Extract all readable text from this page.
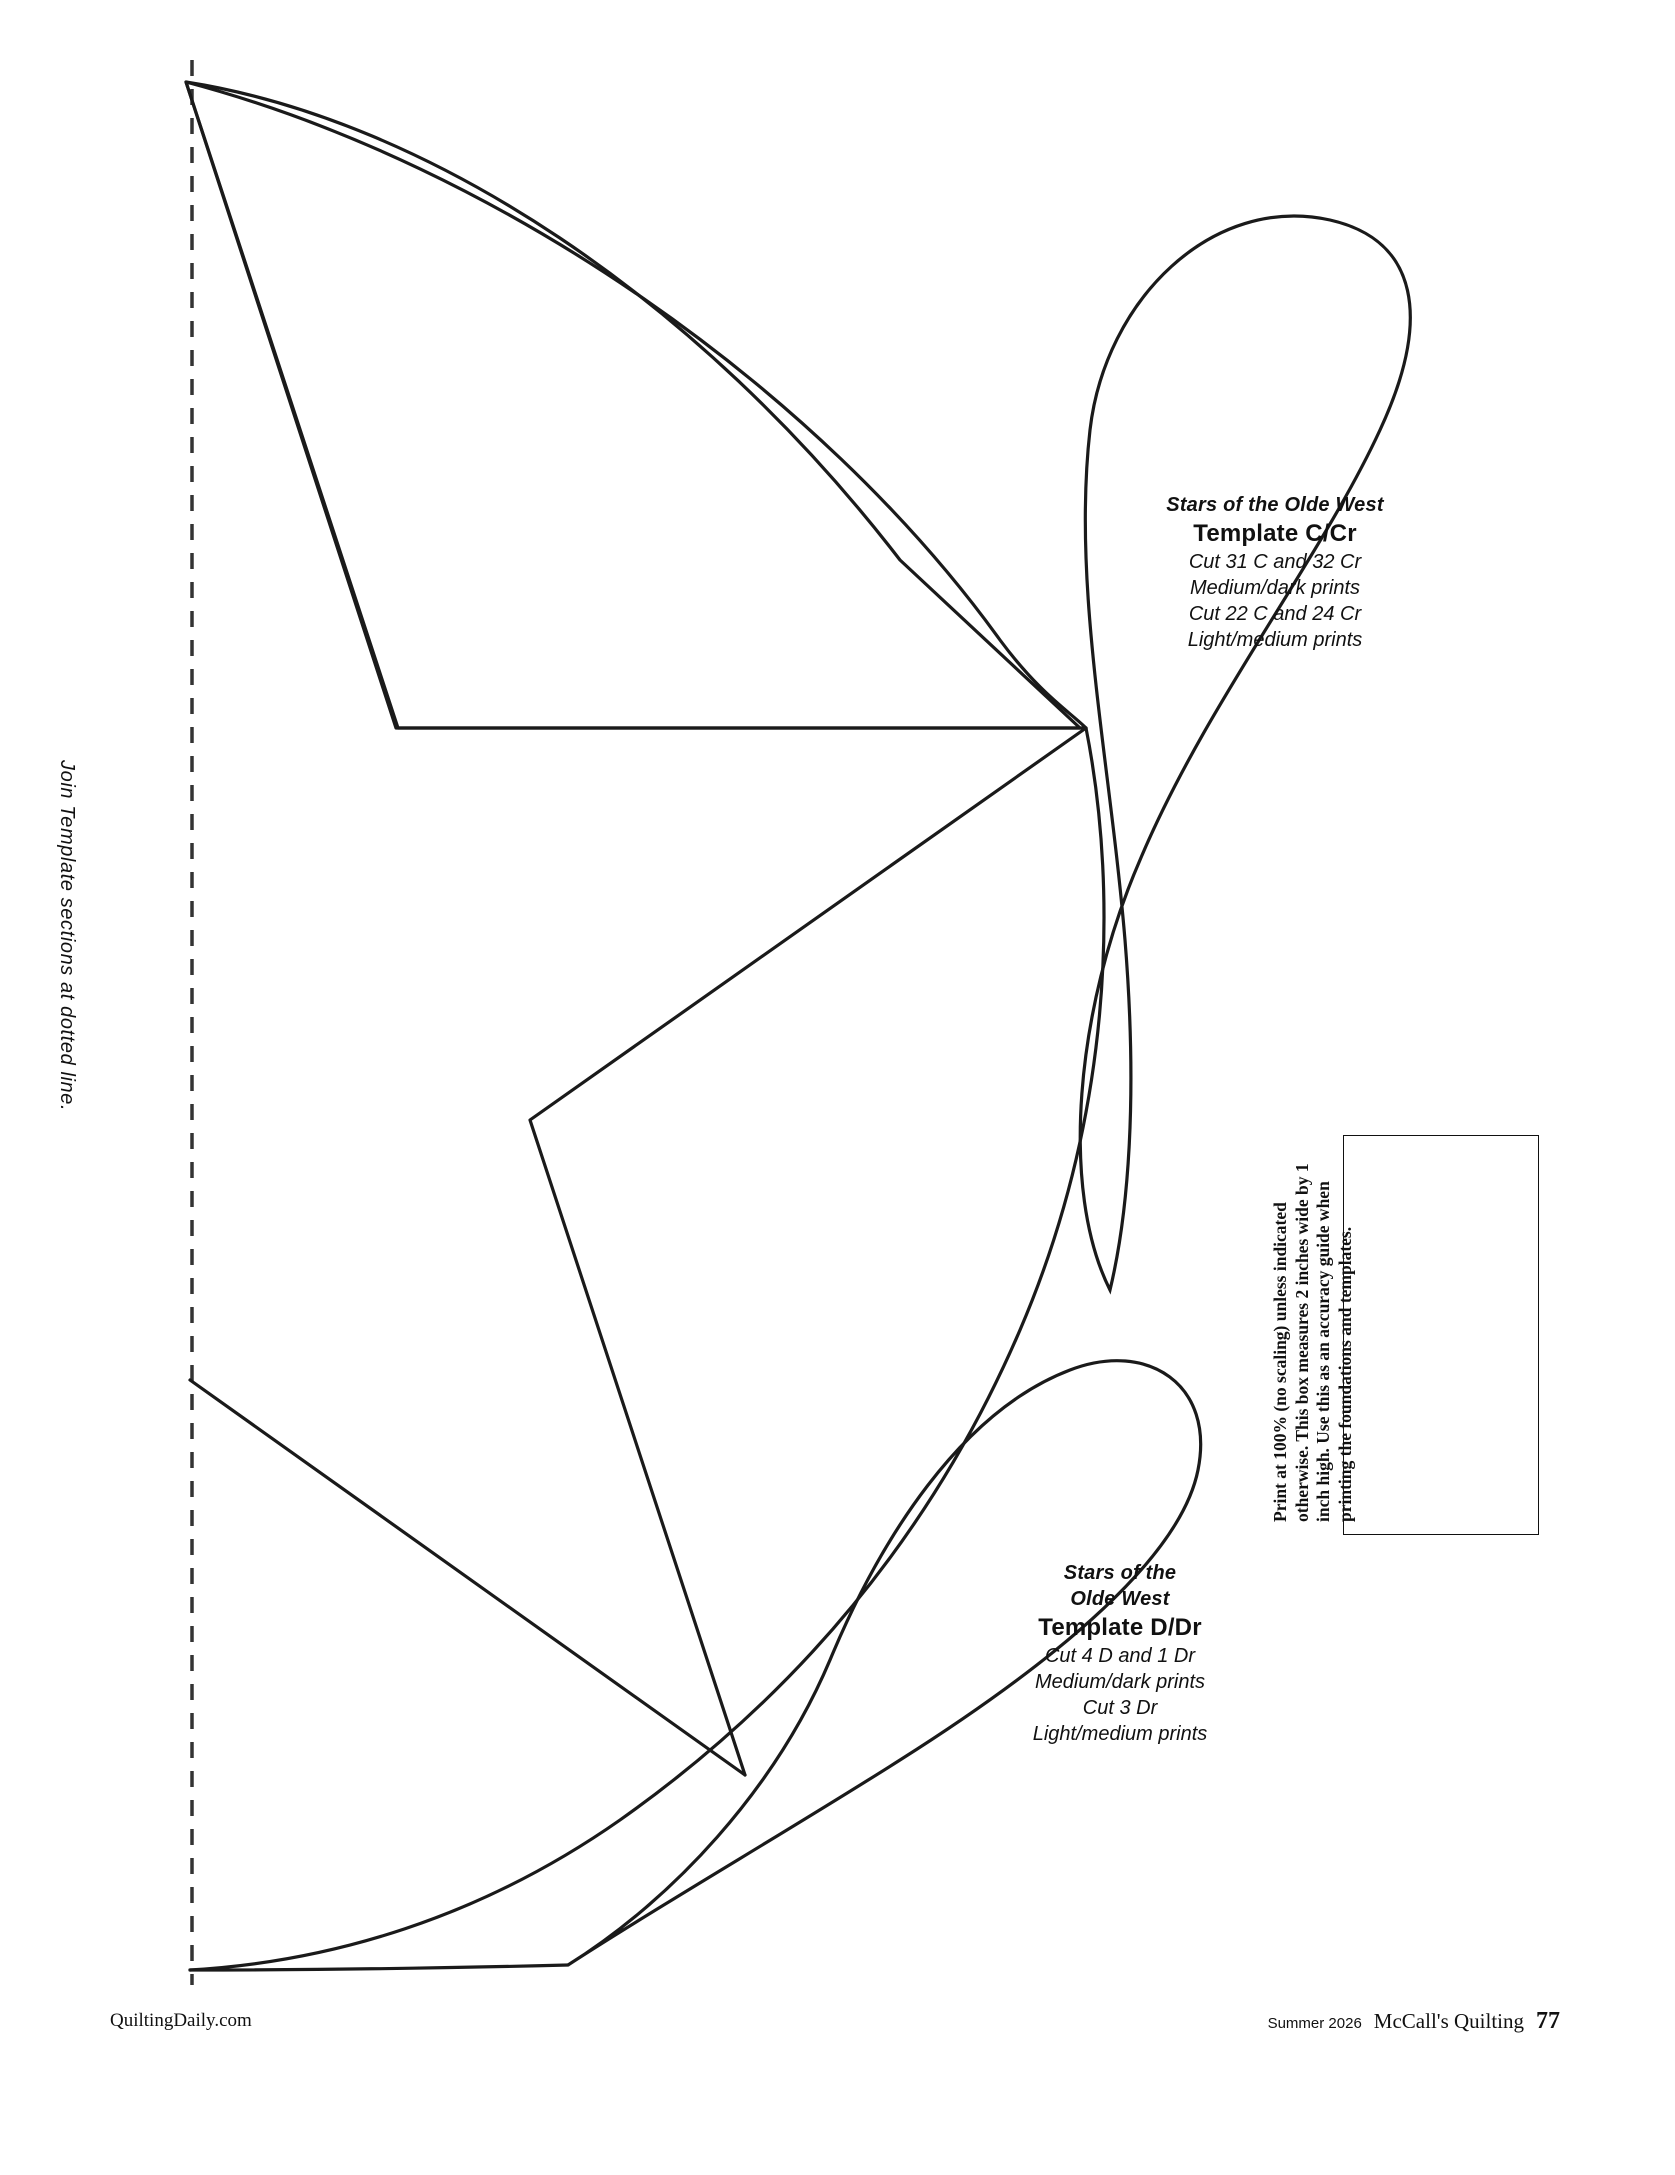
Join Template sections at dotted line.
Stars of the Olde West
Template C/Cr
Cut 31 C and 32 Cr
Medium/dark prints
Cut 22 C and 24 Cr
Light/medium prints
Stars of the
Olde West
Template D/Dr
Cut 4 D and 1 Dr
Medium/dark prints
Cut 3 Dr
Light/medium prints
Print at 100% (no scaling) unless indicated otherwise. This box measures 2 inches wide by 1 inch high. Use this as an accuracy guide when printing the foundations and templates.
QuiltingDaily.com	Summer 2026 McCall's Quilting 77
